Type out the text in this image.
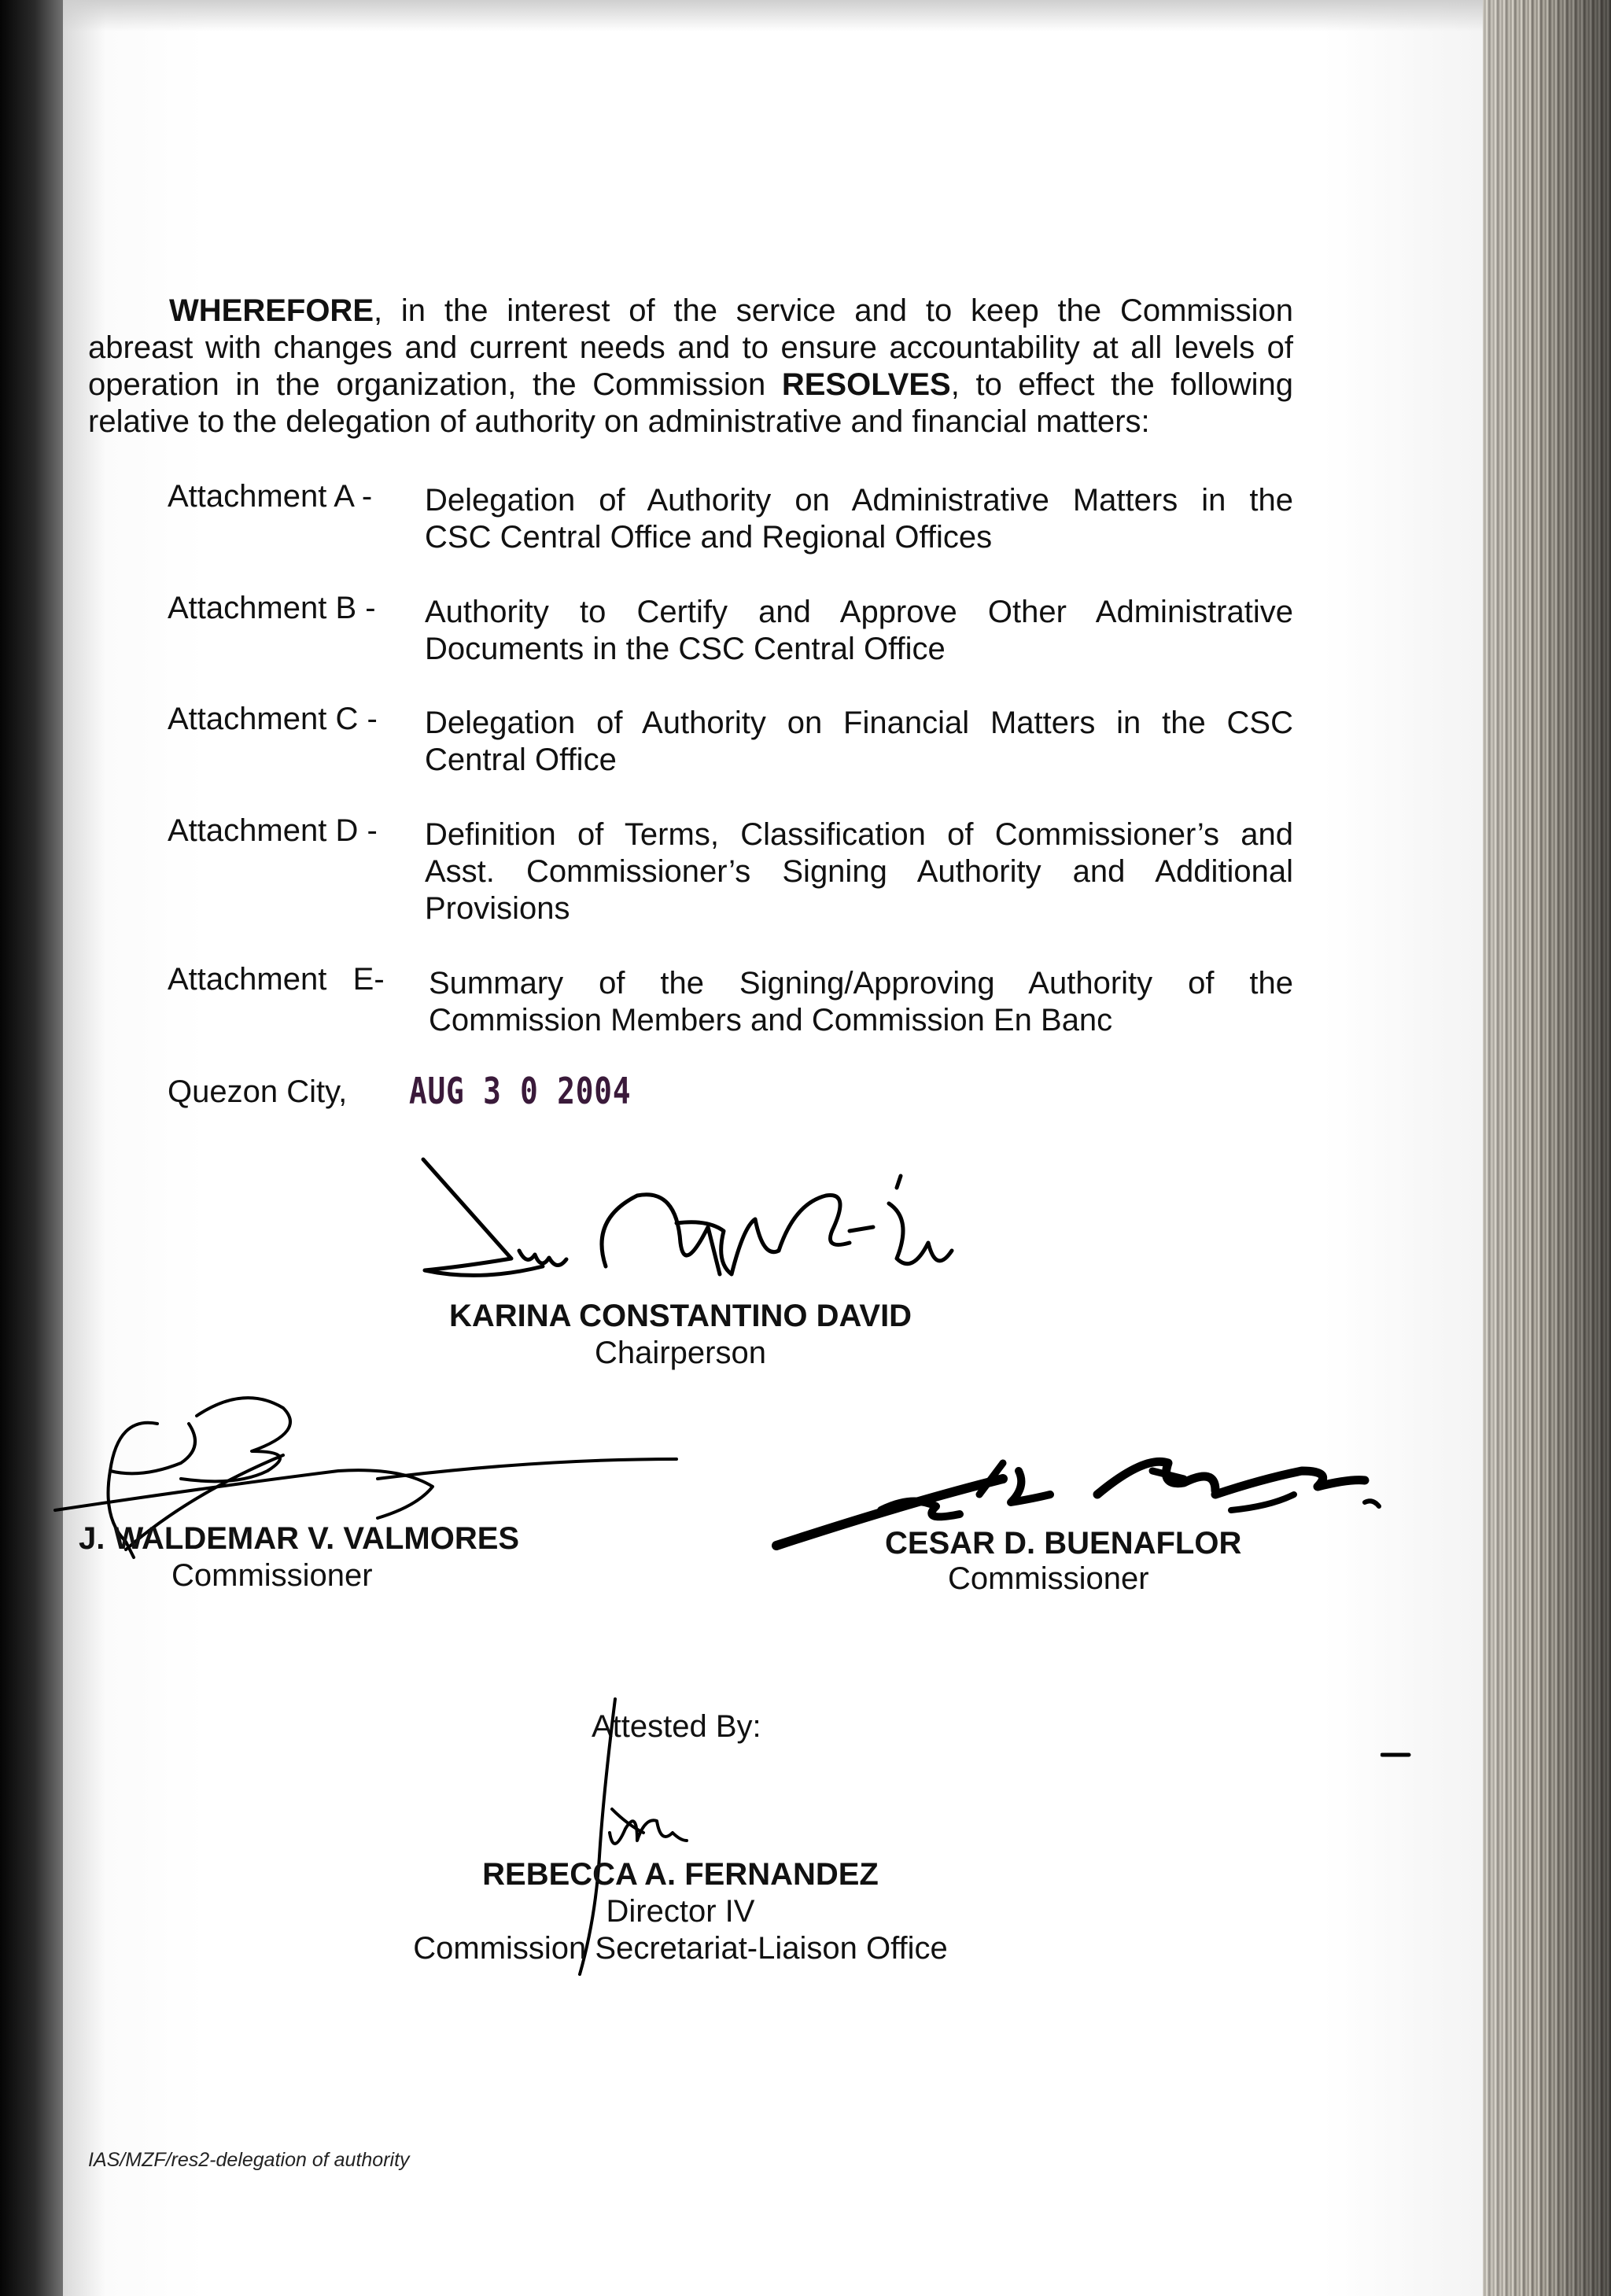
WHEREFORE, in the interest of the service and to keep the Commission
abreast with changes and current needs and to ensure accountability at all levels of
operation in the organization, the Commission RESOLVES, to effect the following
relative to the delegation of authority on administrative and financial matters:
Attachment A -	Delegation of Authority on Administrative Matters in the
CSC Central Office and Regional Offices
Attachment B -	Authority to Certify and Approve Other Administrative
Documents in the CSC Central Office
Attachment C -	Delegation of Authority on Financial Matters in the CSC
Central Office
Attachment D -	Definition of Terms, Classification of Commissioner’s and
Asst. Commissioner’s Signing Authority and Additional
Provisions
Attachment   E-	Summary of the Signing/Approving Authority of the
Commission Members and Commission En Banc
Quezon City, AUG 3 0 2004
KARINA CONSTANTINO DAVID
Chairperson
J. WALDEMAR V. VALMORES
Commissioner
CESAR D. BUENAFLOR
Commissioner
Attested By:
REBECCA A. FERNANDEZ
Director IV
Commission Secretariat-Liaison Office
IAS/MZF/res2-delegation of authority
